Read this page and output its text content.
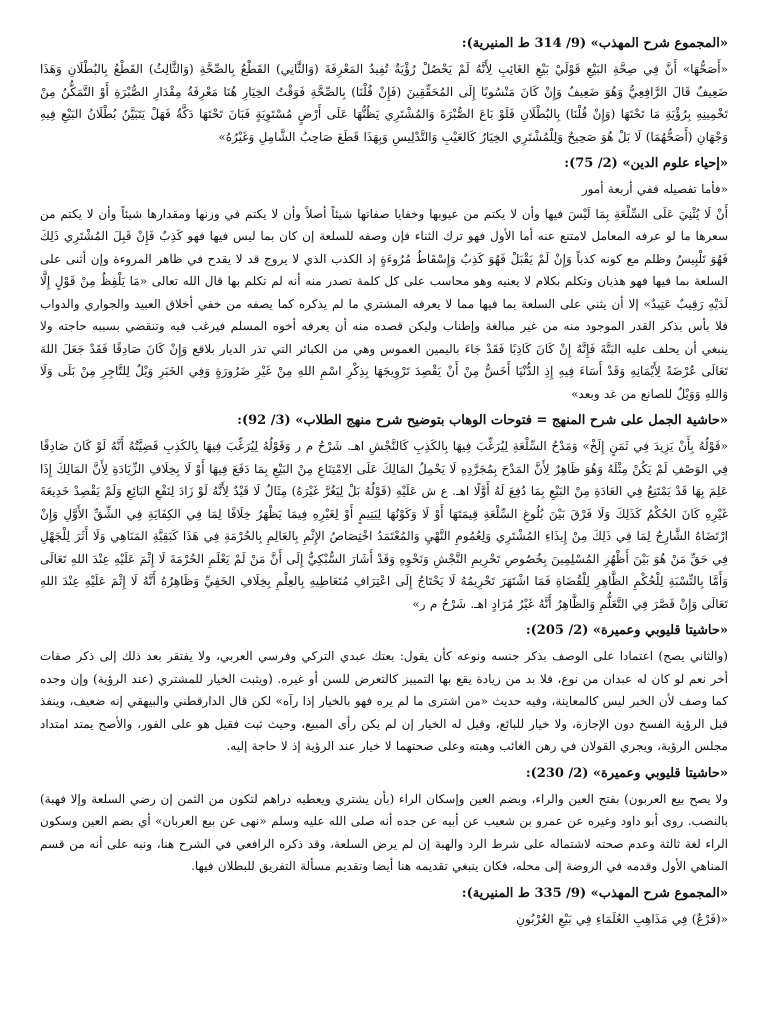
«المجموع شرح المهذب» (9/ 314 ط المنيرية):

«أَصَحُّهَا» أَنَّ فِي صِحَّةِ البَيْعِ قَوْلَيْ بَيْعِ الغَائِبِ لِأَنَّهُ لَمْ يَحْصُلْ رُؤْيَةٌ تُفِيدُ المَعْرِفَةَ (وَالثَّانِي) القَطْعُ بِالصِّحَّةِ (وَالثَّالِثُ) القَطْعُ بِالبُطْلَانِ وَهَذَا ضَعِيفٌ قَالَ الرَّافِعِيُّ وَهُوَ ضَعِيفٌ وَإِنْ كَانَ مَنْسُوبًا إِلَى المُحَقِّقِينَ (فَإِنْ قُلْنَا) بِالصِّحَّةِ فَوَقْتُ الخِيَارِ هُنَا مَعْرِفَةُ مِقْدَارِ الصُّبْرَةِ أَوْ التَّمَكُّنُ مِنْ تَخْمِينِهِ بِرُؤْيَةِ مَا تَحْتَهَا (وَإِنْ قُلْنَا) بِالبُطْلَانِ فَلَوْ بَاعَ الصُّبْرَةَ وَالمُشْتَرِي يَظُنُّهَا عَلَى أَرْضٍ مُسْتَوِيَةٍ فَبَانَ تَحْتَهَا دَكَّةٌ فَهَلْ يَتَبَيَّنُ بُطْلَانُ البَيْعِ فِيهِ وَجْهَانِ (أَصَحُّهُمَا) لَا بَلْ هُوَ صَحِيحٌ وَلِلْمُشْتَرِي الخِيَارُ كَالعَيْبِ وَالتَّدْلِيسِ وَبِهَذَا قَطَعَ صَاحِبُ الشَّامِلِ وَغَيْرُهُ»

«إحياء علوم الدين» (2/ 75):

«فأما تفصيله ففي أربعة أمور

أَنْ لَا يُثْنِيَ عَلَى السِّلْعَةِ بِمَا لَيْسَ فيها وأن لا يكتم من عيوبها وخفايا صفاتها شيئاً أصلاً وأن لا يكتم في وزنها ومقدارها شيئاً وأن لا يكتم من سعرها ما لو عرفه المعامل لامتنع عنه أما الأول فهو ترك الثناء فإن وصفه للسلعة إن كان بما ليس فيها فهو كَذِبٌ فَإِنْ قَبِلَ المُشْتَرِي ذَلِكَ فَهُوَ تَلْبِيسٌ وظلم مع كونه كذباً وَإِنْ لَمْ يَقْبَلْ فَهُوَ كَذِبٌ وَإِسْقَاطُ مُرُوءَةٍ إذ الكذب الذي لا يروج قد لا يقدح في ظاهر المروءة وإن أثنى على السلعة بما فيها فهو هذيان وتكلم بكلام لا يعنيه وهو محاسب على كل كلمة تصدر منه أنه لم تكلم بها قال الله تعالى «مَا يَلْفِظُ مِنْ قَوْلٍ إِلَّا لَدَيْهِ رَقِيبٌ عَتِيدٌ» إلا أن يثني على السلعة بما فيها مما لا يعرفه المشتري ما لم يذكره كما يصفه من خفي أخلاق العبيد والجواري والدواب فلا بأس بذكر القدر الموجود منه من غير مبالغة وإطناب وليكن قصده منه أن يعرفه أخوه المسلم فيرغب فيه وتنقضي بسببه حاجته ولا ينبغي أن يحلف عليه البَتَّةَ فَإِنَّهُ إِنْ كَانَ كَاذِبًا فَقَدْ جَاءَ باليمين الغموس وهي من الكبائر التي تذر الديار بلاقع وَإِنْ كَانَ صَادِقًا فَقَدْ جَعَلَ اللهَ تَعَالَى عُرْضَةً لِأَيْمَانِهِ وَقَدْ أَسَاءَ فِيهِ إِذِ الدُّنْيَا أَخَسُّ مِنْ أَنْ يَقْصِدَ تَرْوِيجَهَا بِذِكْرِ اسْمِ اللهِ مِنْ غَيْرِ ضَرُورَةٍ وَفِي الخَبَرِ وَيْلٌ لِلتَّاجِرِ مِنْ بَلَى وَلَا وَاللهِ وَوَيْلٌ للصانع من غد وبعد»

«حاشية الجمل على شرح المنهج = فتوحات الوهاب بتوضيح شرح منهج الطلاب» (3/ 92):

«قَوْلُهُ بِأَنْ يَزِيدَ فِي ثَمَنٍ إِلَخْ» وَمَدْحُ السِّلْعَةِ لِيُرَغِّبَ فِيهَا بِالكَذِبِ كَالنَّجْشِ اهـ. شَرْحُ م ر وَقَوْلُهُ لِيُرَغِّبَ فِيهَا بِالكَذِبِ قَضِيَّتُهُ أَنَّهُ لَوْ كَانَ صَادِقًا فِي الوَصْفِ لَمْ يَكُنْ مِثْلَهُ وَهُوَ ظَاهِرٌ لِأَنَّ المَدْحَ بِمُجَرَّدِهِ لَا يَحْمِلُ المَالِكَ عَلَى الِامْتِنَاعِ مِنْ البَيْعِ بِمَا دَفَعَ فِيهَا أَوْ لَا بِخِلَافِ الزِّيَادَةِ لِأَنَّ المَالِكَ إِذَا عَلِمَ بِهَا قَدْ يَمْتَنِعُ فِي العَادَةِ مِنْ البَيْعِ بِمَا دُفِعَ لَهُ أَوَّلًا اهـ. ع ش عَلَيْهِ (قَوْلُهُ بَلْ لِيَغُرَّ غَيْرَهُ) مِثَالٌ لَا قَيْدٌ لِأَنَّهُ لَوْ زَادَ لِنَفْعِ البَائِعِ وَلَمْ يَقْصِدْ خَدِيعَةَ غَيْرِهِ كَانَ الحُكْمُ كَذَلِكَ وَلَا فَرْقَ بَيْنَ بُلُوغِ السِّلْعَةِ قِيمَتَهَا أَوْ لَا وَكَوْنُهَا لِيَتِيمٍ أَوْ لِغَيْرِهِ فِيمَا يَظْهَرُ خِلَافًا لِمَا فِي الكِفَايَةِ فِي الشِّقِّ الأَوَّلِ وَإِنْ ارْتَضَاهُ الشَّارِحُ لِمَا فِي ذَلِكَ مِنْ إِيذَاءِ المُشْتَرِي وَلِعُمُومِ النَّهْيِ وَالمُعْتَمَدُ اخْتِصَاصُ الإِثْمِ بِالعَالِمِ بِالحُرْمَةِ فِي هَذَا كَبَقِيَّةِ المَنَاهِي وَلَا أَثَرَ لِلْجَهْلِ فِي حَقِّ مَنْ هُوَ بَيْنَ أَظْهُرِ المُسْلِمِينَ بِخُصُوصِ تَحْرِيمِ النَّجْشِ وَنَحْوِهِ وَقَدْ أَشَارَ السُّبْكِيُّ إِلَى أَنَّ مَنْ لَمْ يَعْلَمِ الحُرْمَةَ لَا إِثْمَ عَلَيْهِ عِنْدَ اللهِ تَعَالَى وَأَمَّا بِالنِّسْبَةِ لِلْحُكْمِ الظَّاهِرِ لِلْقُضَاةِ فَمَا اشْتَهَرَ تَحْرِيمُهُ لَا يَحْتَاجُ إِلَى اعْتِرَافِ مُتَعَاطِيهِ بِالعِلْمِ بِخِلَافِ الخَفِيِّ وَظَاهِرُهُ أَنَّهُ لَا إِثْمَ عَلَيْهِ عِنْدَ اللهِ تَعَالَى وَإِنْ قَصَّرَ فِي التَّعَلُّمِ وَالظَّاهِرُ أَنَّهُ غَيْرُ مُرَادٍ اهـ. شَرْحُ م ر»

«حاشيتا قليوبي وعميرة» (2/ 205):

(والثاني يصح) اعتمادا على الوصف بذكر جنسه ونوعه كأن يقول: بعتك عبدي التركي وفرسي العربي، ولا يفتقر بعد ذلك إلى ذكر صفات أخر نعم لو كان له عبدان من نوع، فلا بد من زيادة يقع بها التمييز كالتعرض للسن أو غيره. (ويثبت الخيار للمشتري (عند الرؤية) وإن وجده كما وصف لأن الخبر ليس كالمعاينة، وفيه حديث «من اشترى ما لم يره فهو بالخيار إذا رآه» لكن قال الدارقطني والبيهقي إنه ضعيف، وينفذ قبل الرؤية الفسخ دون الإجازة، ولا خيار للبائع، وقيل له الخيار إن لم يكن رأى المبيع، وحيث ثبت فقيل هو على الفور، والأصح يمتد امتداد مجلس الرؤية، ويجري القولان في رهن الغائب وهبته وعلى صحتهما لا خيار عند الرؤية إذ لا حاجة إليه.

«حاشيتا قليوبي وعميرة» (2/ 230):

ولا يصح بيع العربون) بفتح العين والراء، وبضم العين وإسكان الراء (بأن يشتري ويعطيه دراهم لتكون من الثمن إن رضي السلعة وإلا فهبة) بالنصب. روى أبو داود وغيره عن عمرو بن شعيب عن أبيه عن جده أنه صلى الله عليه وسلم «نهى عن بيع العربان» أي بضم العين وسكون الراء لغة ثالثة وعدم صحته لاشتماله على شرط الرد والهبة إن لم يرض السلعة، وقد ذكره الرافعي في الشرح هنا، ونبه على أنه من قسم المناهي الأول وقدمه في الروضة إلى محله، فكان ينبغي تقديمه هنا أيضا وتقديم مسألة التفريق للبطلان فيها.

«المجموع شرح المهذب» (9/ 335 ط المنيرية):

«(فَرْعٌ) فِي مَذَاهِبِ العُلَمَاءِ فِي بَيْعِ العُرْبُونِ
